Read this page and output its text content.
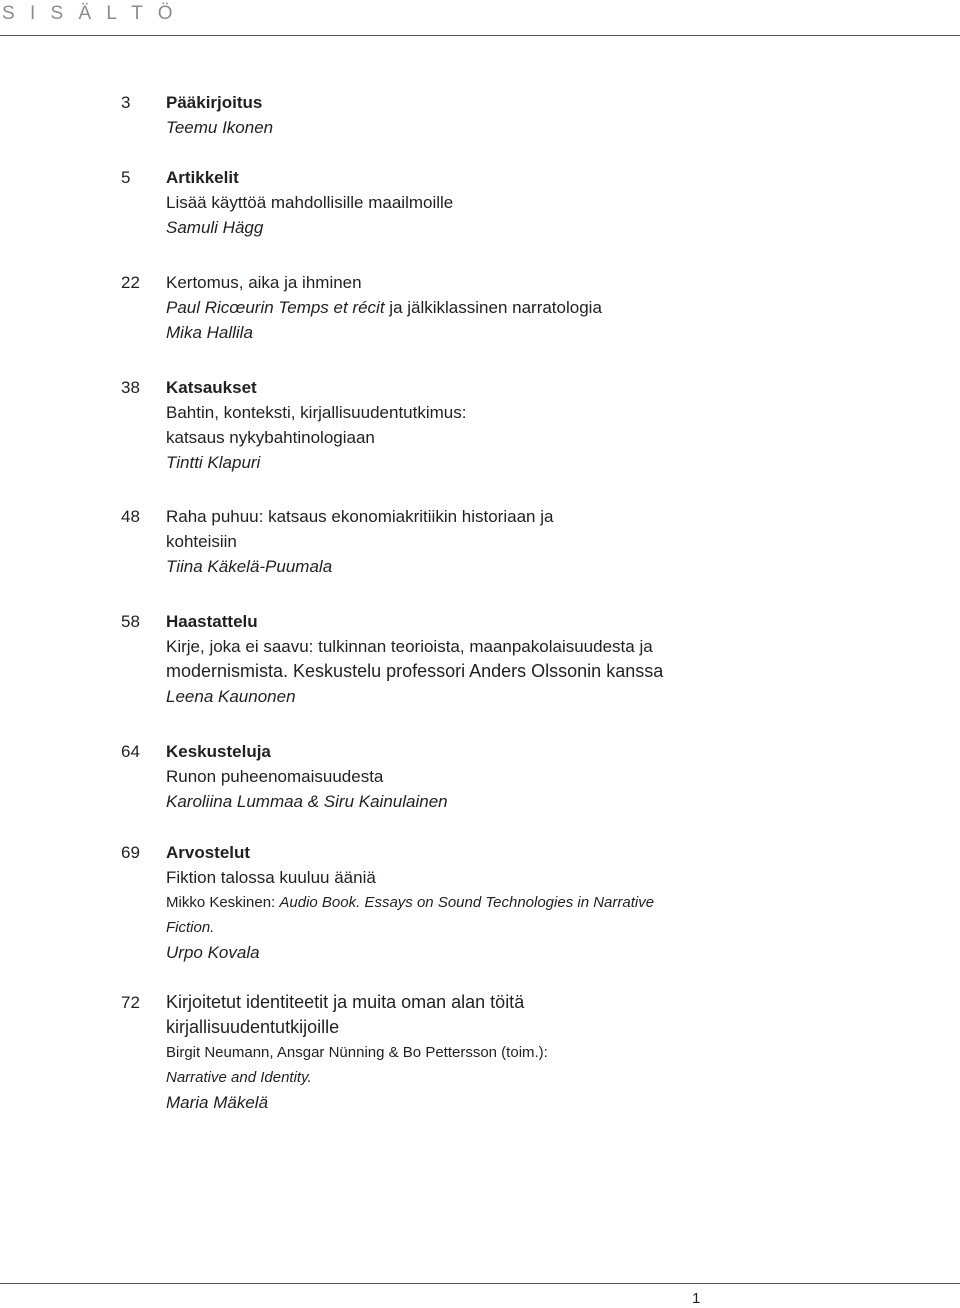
S I S Ä L T Ö
3 Pääkirjoitus
Teemu Ikonen
5 Artikkelit
Lisää käyttöä mahdollisille maailmoille
Samuli Hägg
22 Kertomus, aika ja ihminen
Paul Ricœurin Temps et récit ja jälkiklassinen narratologia
Mika Hallila
38 Katsaukset
Bahtin, konteksti, kirjallisuudentutkimus:
katsaus nykybahtinologiaan
Tintti Klapuri
48 Raha puhuu: katsaus ekonomiakritiikin historiaan ja
kohteisiin
Tiina Käkelä-Puumala
58 Haastattelu
Kirje, joka ei saavu: tulkinnan teorioista, maanpakolaisuudesta ja
modernismista. Keskustelu professori Anders Olssonin kanssa
Leena Kaunonen
64 Keskusteluja
Runon puheenomaisuudesta
Karoliina Lummaa & Siru Kainulainen
69 Arvostelut
Fiktion talossa kuuluu ääniä
Mikko Keskinen: Audio Book. Essays on Sound Technologies in Narrative
Fiction.
Urpo Kovala
72 Kirjoitetut identiteetit ja muita oman alan töitä
kirjallisuudentutkijoille
Birgit Neumann, Ansgar Nünning & Bo Pettersson (toim.):
Narrative and Identity.
Maria Mäkelä
1
